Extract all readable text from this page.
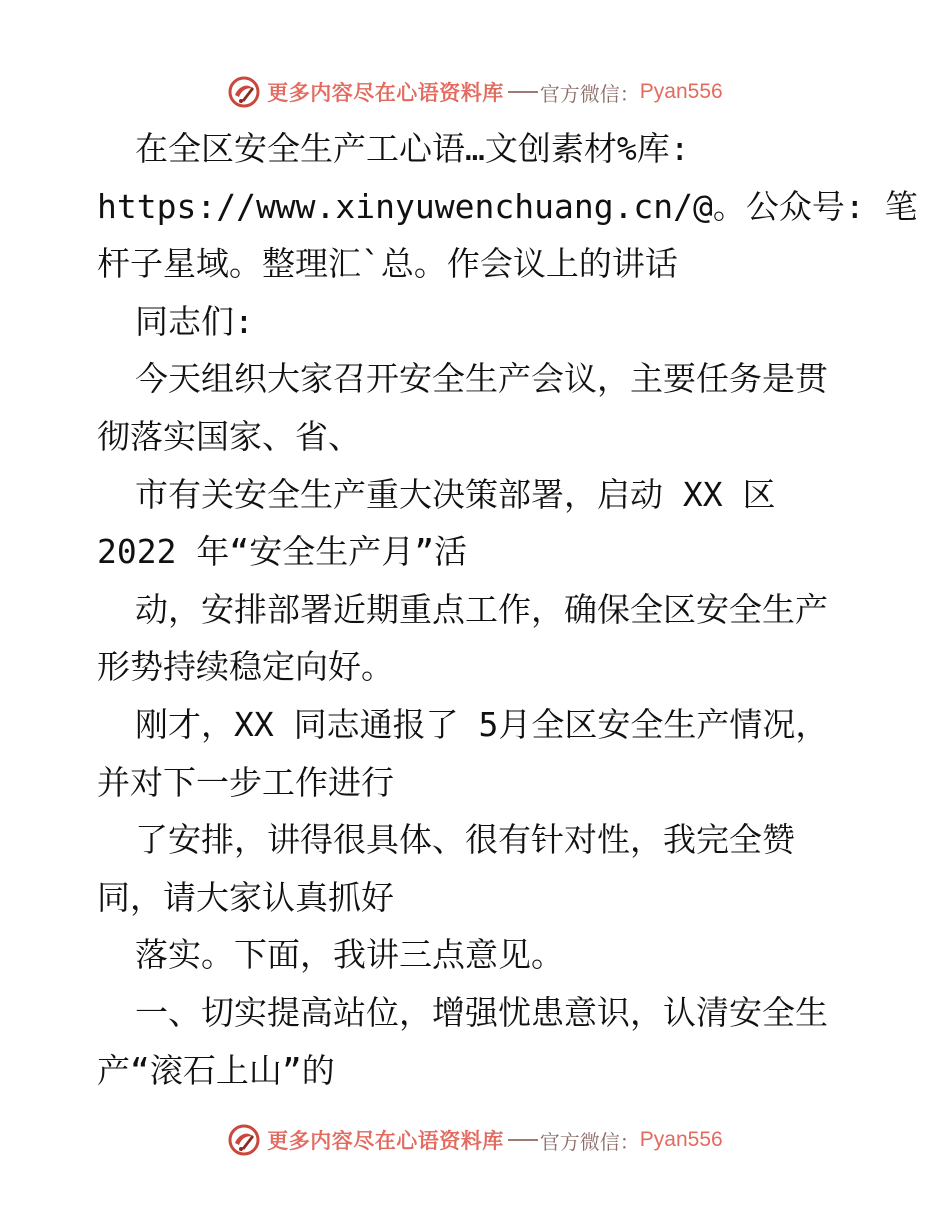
更多内容尽在心语资料库 官方微信： Pyan556
在全区安全生产工心语…文创素材%库:
https://www.xinyuwenchuang.cn/@。公众号: 笔
杆子星域。整理汇`总。作会议上的讲话
同志们:
今天组织大家召开安全生产会议，主要任务是贯
彻落实国家、省、
市有关安全生产重大决策部署，启动 XX 区
2022 年“安全生产月”活
动，安排部署近期重点工作，确保全区安全生产
形势持续稳定向好。
刚才，XX 同志通报了 5月全区安全生产情况，
并对下一步工作进行
了安排，讲得很具体、很有针对性，我完全赞
同，请大家认真抓好
落实。下面，我讲三点意见。
一、切实提高站位，增强忧患意识，认清安全生
产“滚石上山”的
更多内容尽在心语资料库 官方微信： Pyan556
